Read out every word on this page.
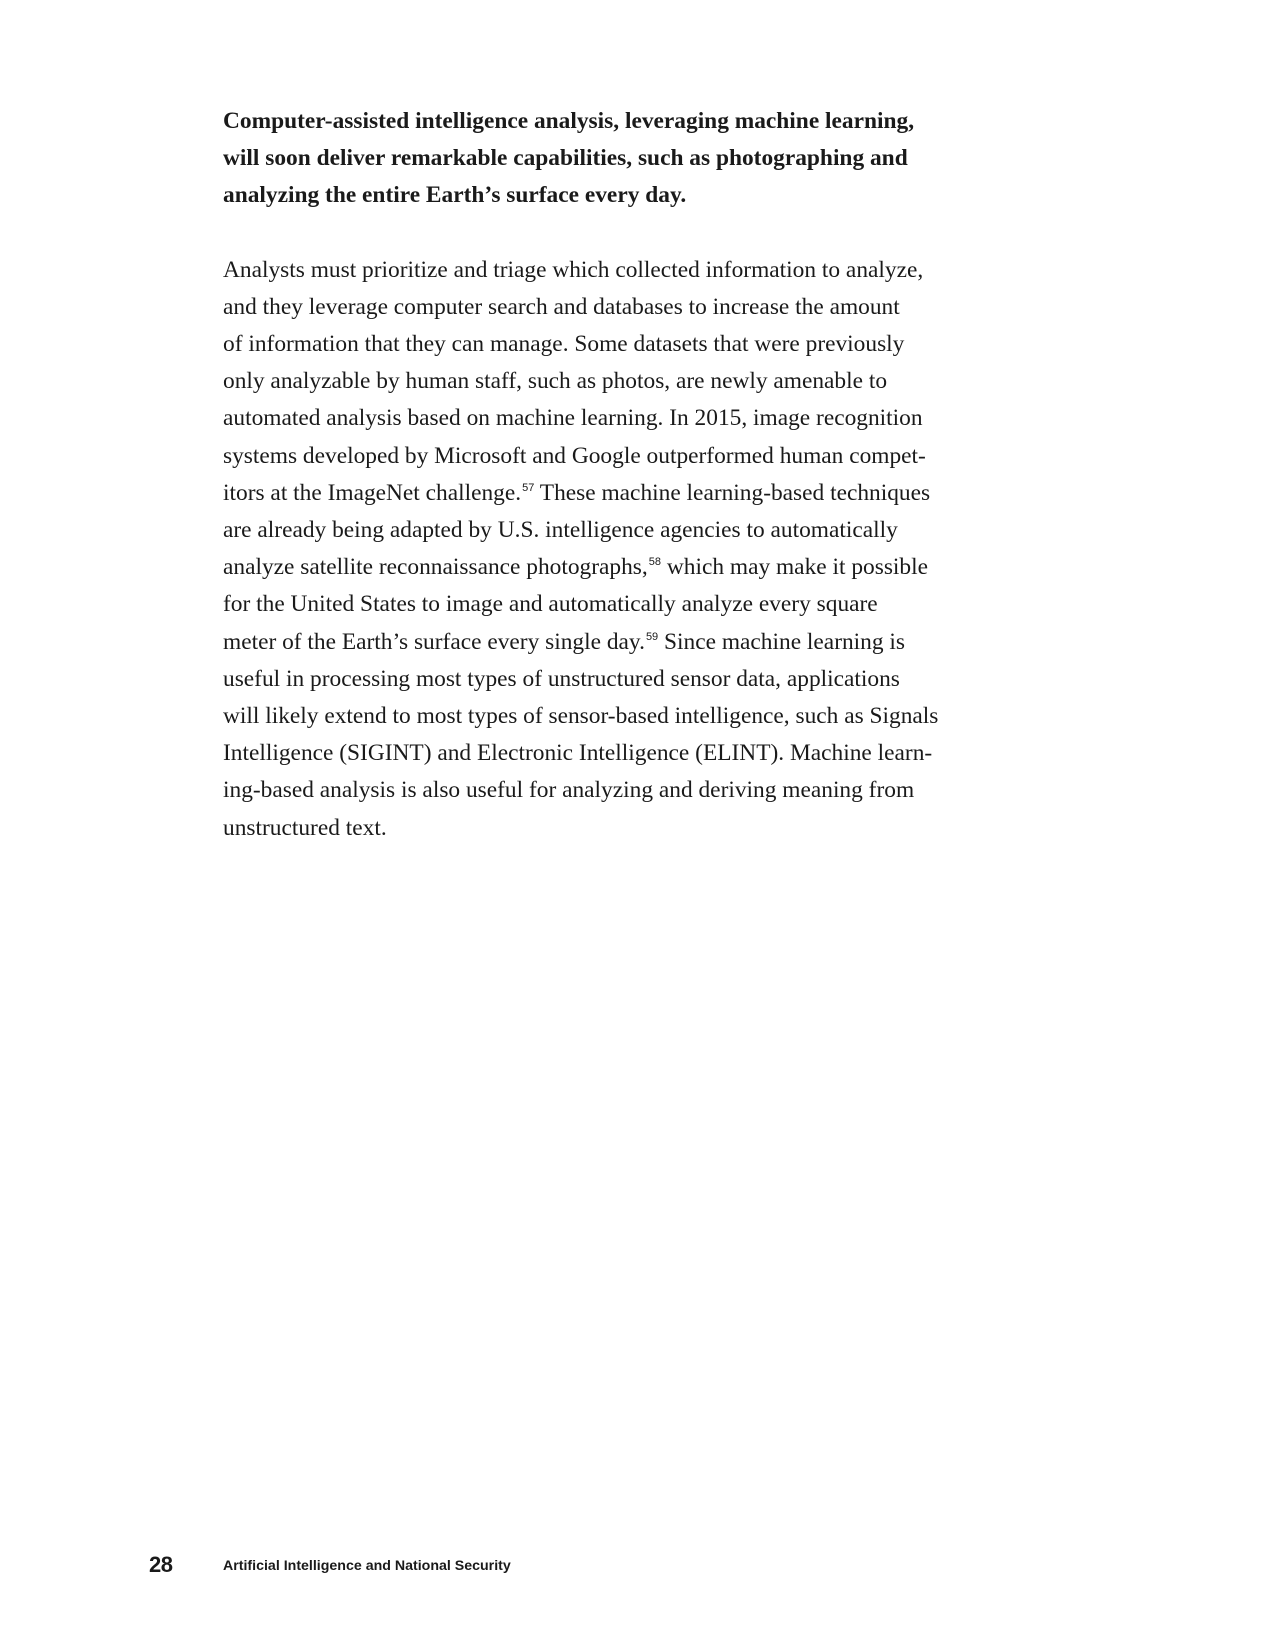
Computer-assisted intelligence analysis, leveraging machine learning,
will soon deliver remarkable capabilities, such as photographing and
analyzing the entire Earth’s surface every day.

Analysts must prioritize and triage which collected information to analyze,
and they leverage computer search and databases to increase the amount
of information that they can manage. Some datasets that were previously
only analyzable by human staff, such as photos, are newly amenable to
automated analysis based on machine learning. In 2015, image recognition
systems developed by Microsoft and Google outperformed human compet-
itors at the ImageNet challenge.$^{57}$ These machine learning-based techniques
are already being adapted by U.S. intelligence agencies to automatically
analyze satellite reconnaissance photographs,$^{58}$ which may make it possible
for the United States to image and automatically analyze every square
meter of the Earth’s surface every single day.$^{59}$ Since machine learning is
useful in processing most types of unstructured sensor data, applications
will likely extend to most types of sensor-based intelligence, such as Signals
Intelligence (SIGINT) and Electronic Intelligence (ELINT). Machine learn-
ing-based analysis is also useful for analyzing and deriving meaning from
unstructured text.

28	Artificial Intelligence and National Security
